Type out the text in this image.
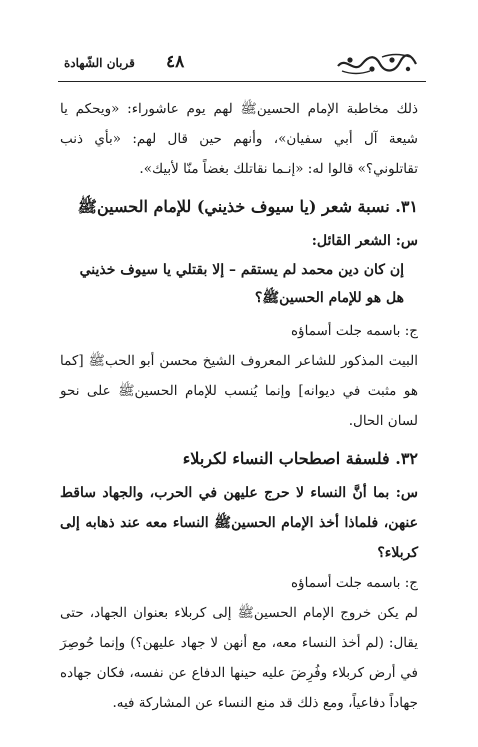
٤٨
قربان الشّهادة

ذلك مخاطبة الإمام الحسينﷺ لهم يوم عاشوراء: «ويحكم يا شيعة آل أبي سفيان»، وأنهم حين قال لهم: «بأي ذنب تقاتلوني؟» قالوا له: «إنـما نقاتلك بغضاً منّا لأبيك».

٣١. نسبة شعر (يا سيوف خذيني) للإمام الحسينﷺ

س: الشعر القائل:

إن كان دين محمد لم يستقم – إلا بقتلي يا سيوف خذيني

هل هو للإمام الحسينﷺ؟

ج: باسمه جلت أسماؤه

البيت المذكور للشاعر المعروف الشيخ محسن أبو الحبﷺ [كما هو مثبت في ديوانه] وإنما يُنسب للإمام الحسينﷺ على نحو لسان الحال.

٣٢. فلسفة اصطحاب النساء لكربلاء

س: بما أنَّ النساء لا حرج عليهن في الحرب، والجهاد ساقط عنهن، فلماذا أخذ الإمام الحسينﷺ النساء معه عند ذهابه إلى كربلاء؟

ج: باسمه جلت أسماؤه

لم يكن خروج الإمام الحسينﷺ إلى كربلاء بعنوان الجهاد، حتى يقال: (لم أخذ النساء معه، مع أنهن لا جهاد عليهن؟) وإنما حُوصِرَ في أرض كربلاء وفُرِضَ عليه حينها الدفاع عن نفسه، فكان جهاده جهاداً دفاعياً، ومع ذلك قد منع النساء عن المشاركة فيه.
